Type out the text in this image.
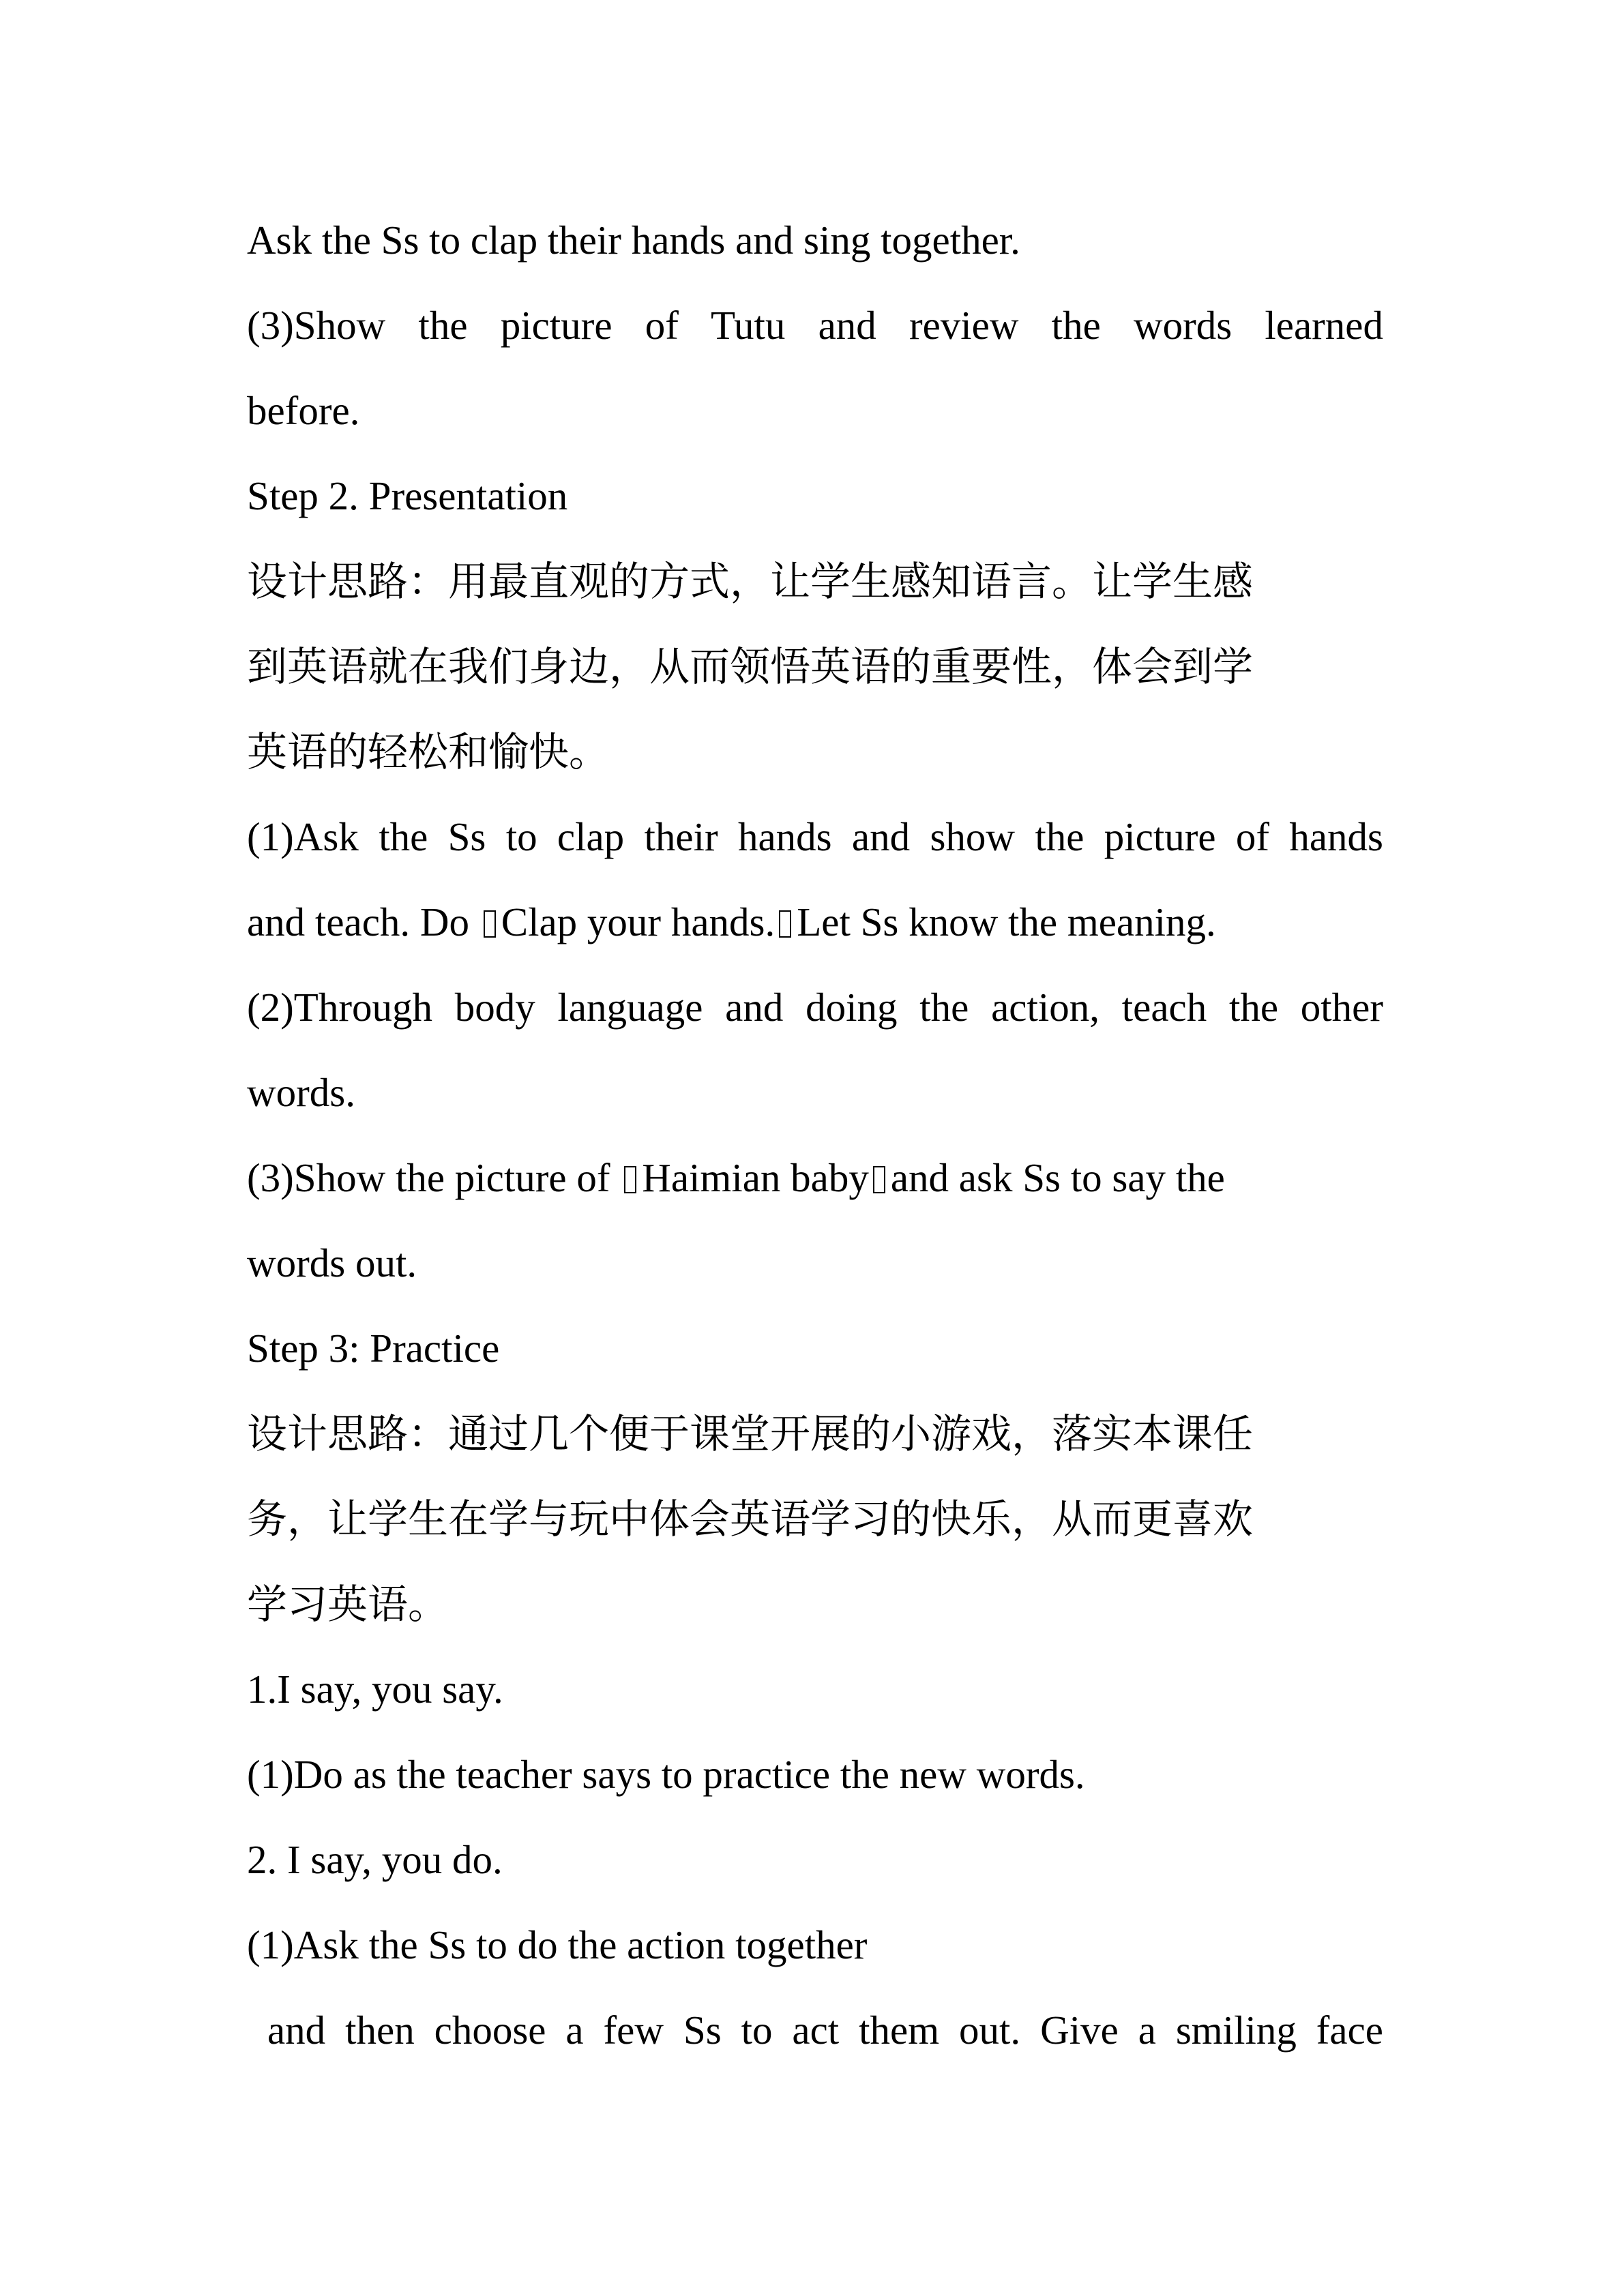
Ask the Ss to clap their hands and sing together.
(3)Show the picture of Tutu and review the words learned
before.
Step 2. Presentation
设计思路：用最直观的方式，让学生感知语言。让学生感
到英语就在我们身边，从而领悟英语的重要性，体会到学
英语的轻松和愉快。
(1)Ask the Ss to clap their hands and show the picture of hands
and teach. Do Clap your hands. Let Ss know the meaning.
(2)Through body language and doing the action, teach the other
words.
(3)Show the picture of Haimian baby and ask Ss to say the
words out.
Step 3: Practice
设计思路：通过几个便于课堂开展的小游戏，落实本课任
务，让学生在学与玩中体会英语学习的快乐，从而更喜欢
学习英语。
1.I say, you say.
(1)Do as the teacher says to practice the new words.
2. I say, you do.
(1)Ask the Ss to do the action together
and then choose a few Ss to act them out. Give a smiling face
